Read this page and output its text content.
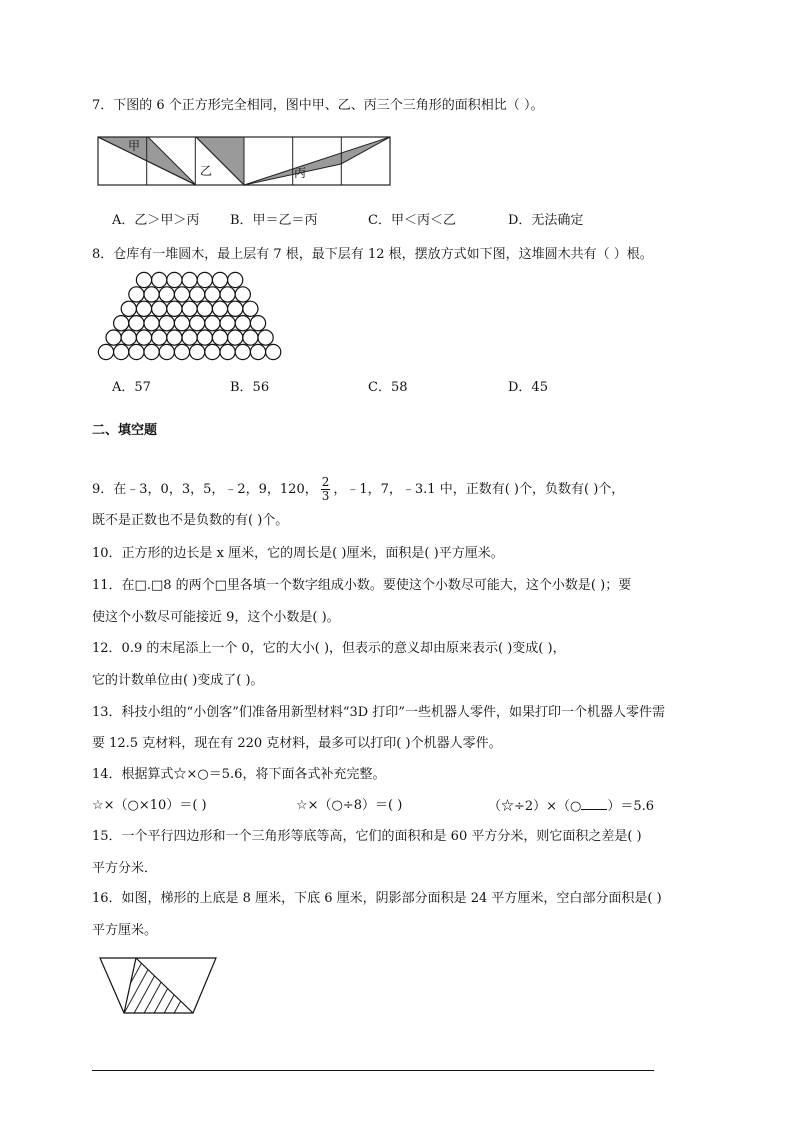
7．下图的 6 个正方形完全相同，图中甲、乙、丙三个三角形的面积相比（ ）。
甲
乙	丙
A．乙＞甲＞丙 B．甲＝乙＝丙	C．甲＜丙＜乙	D．无法确定
8．仓库有一堆圆木，最上层有 7 根，最下层有 12 根，摆放方式如下图，这堆圆木共有（ ）根。
A．57	B．56	C．58	D．45
二、填空题
9．在﹣3，0，3，5，﹣2，9，120， $\frac{2}{3}$ ，﹣1，7，﹣3.1 中，正数有( )个，负数有( )个，
既不是正数也不是负数的有( )个。
10．正方形的边长是 x 厘米，它的周长是( )厘米，面积是( )平方厘米。
11．在□.□8 的两个□里各填一个数字组成小数。要使这个小数尽可能大，这个小数是( )；要
使这个小数尽可能接近 9，这个小数是( )。
12．0.9 的末尾添上一个 0，它的大小( )，但表示的意义却由原来表示( )变成( )，
它的计数单位由( )变成了( )。
13．科技小组的“小创客”们准备用新型材料“3D 打印”一些机器人零件，如果打印一个机器人零件需
要 12.5 克材料，现在有 220 克材料，最多可以打印( )个机器人零件。
14．根据算式☆×○＝5.6，将下面各式补充完整。
☆×（○×10）＝( )	☆×（○÷8）＝( )	（☆÷2）×（○ ）＝5.6
15．一个平行四边形和一个三角形等底等高，它们的面积和是 60 平方分米，则它面积之差是( )
平方分米．
16．如图，梯形的上底是 8 厘米，下底 6 厘米，阴影部分面积是 24 平方厘米，空白部分面积是( )
平方厘米。
